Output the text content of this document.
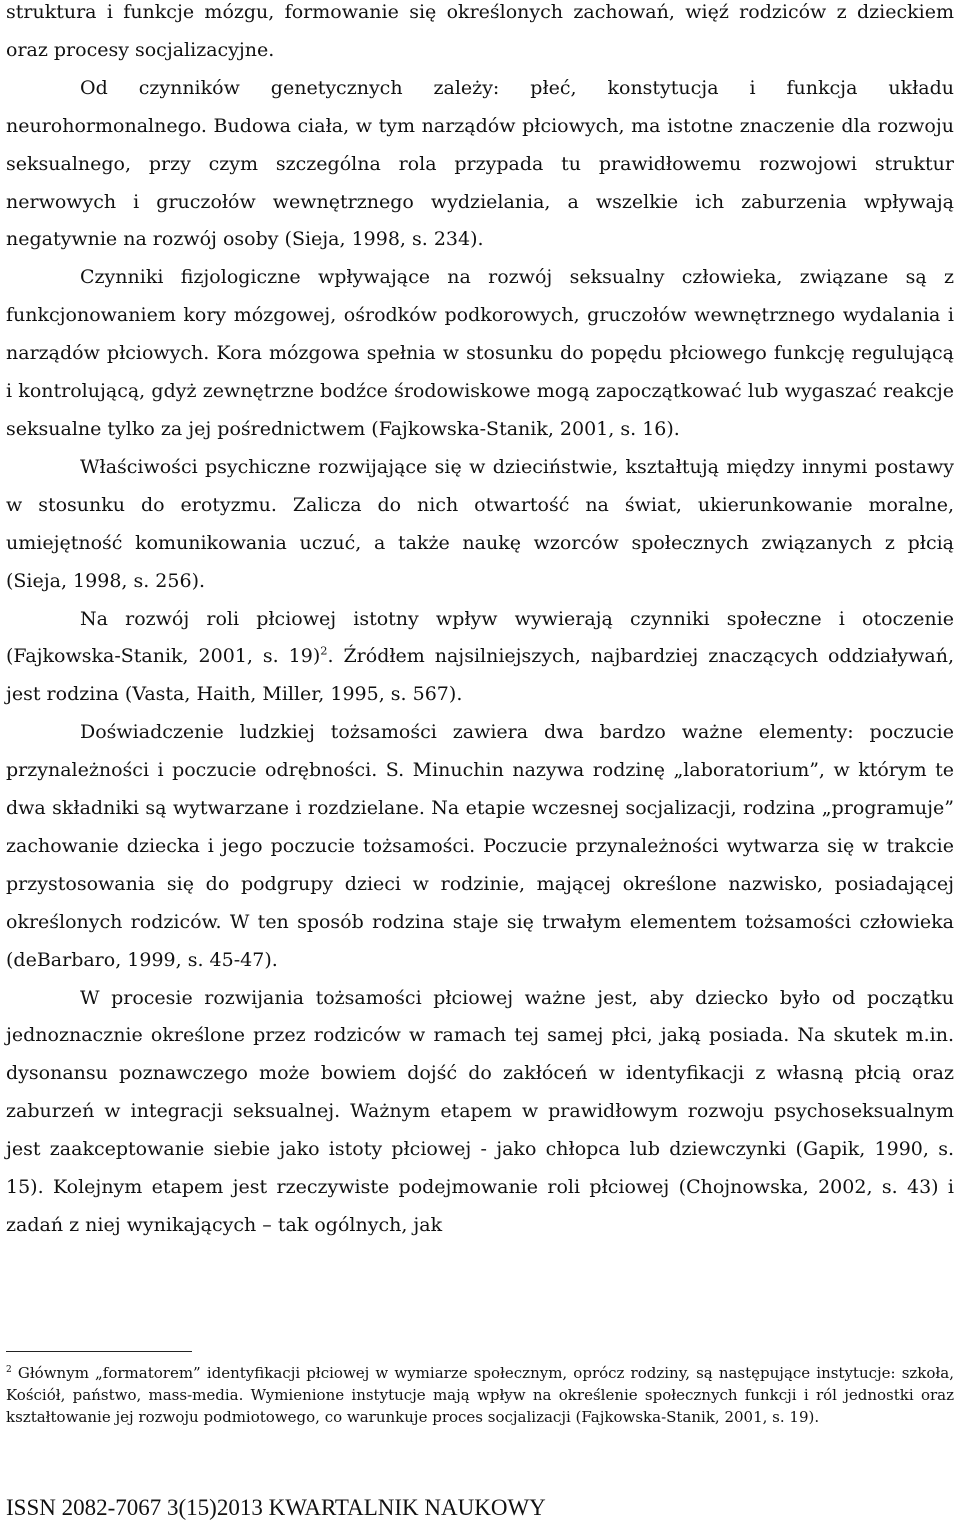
struktura i funkcje mózgu, formowanie się określonych zachowań, więź rodziców z dzieckiem oraz procesy socjalizacyjne.

Od czynników genetycznych zależy: płeć, konstytucja i funkcja układu neurohormonalnego. Budowa ciała, w tym narządów płciowych, ma istotne znaczenie dla rozwoju seksualnego, przy czym szczególna rola przypada tu prawidłowemu rozwojowi struktur nerwowych i gruczołów wewnętrznego wydzielania, a wszelkie ich zaburzenia wpływają negatywnie na rozwój osoby (Sieja, 1998, s. 234).

Czynniki fizjologiczne wpływające na rozwój seksualny człowieka, związane są z funkcjonowaniem kory mózgowej, ośrodków podkorowych, gruczołów wewnętrznego wydalania i narządów płciowych. Kora mózgowa spełnia w stosunku do popędu płciowego funkcję regulującą i kontrolującą, gdyż zewnętrzne bodźce środowiskowe mogą zapoczątkować lub wygaszać reakcje seksualne tylko za jej pośrednictwem (Fajkowska-Stanik, 2001, s. 16).

Właściwości psychiczne rozwijające się w dzieciństwie, kształtują między innymi postawy w stosunku do erotyzmu. Zalicza do nich otwartość na świat, ukierunkowanie moralne, umiejętność komunikowania uczuć, a także naukę wzorców społecznych związanych z płcią (Sieja, 1998, s. 256).

Na rozwój roli płciowej istotny wpływ wywierają czynniki społeczne i otoczenie (Fajkowska-Stanik, 2001, s. 19)$^2$. Źródłem najsilniejszych, najbardziej znaczących oddziaływań, jest rodzina (Vasta, Haith, Miller, 1995, s. 567).

Doświadczenie ludzkiej tożsamości zawiera dwa bardzo ważne elementy: poczucie przynależności i poczucie odrębności. S. Minuchin nazywa rodzinę „laboratorium”, w którym te dwa składniki są wytwarzane i rozdzielane. Na etapie wczesnej socjalizacji, rodzina „programuje” zachowanie dziecka i jego poczucie tożsamości. Poczucie przynależności wytwarza się w trakcie przystosowania się do podgrupy dzieci w rodzinie, mającej określone nazwisko, posiadającej określonych rodziców. W ten sposób rodzina staje się trwałym elementem tożsamości człowieka (deBarbaro, 1999, s. 45-47).

W procesie rozwijania tożsamości płciowej ważne jest, aby dziecko było od początku jednoznacznie określone przez rodziców w ramach tej samej płci, jaką posiada. Na skutek m.in. dysonansu poznawczego może bowiem dojść do zakłóceń w identyfikacji z własną płcią oraz zaburzeń w integracji seksualnej. Ważnym etapem w prawidłowym rozwoju psychoseksualnym jest zaakceptowanie siebie jako istoty płciowej - jako chłopca lub dziewczynki (Gapik, 1990, s. 15). Kolejnym etapem jest rzeczywiste podejmowanie roli płciowej (Chojnowska, 2002, s. 43) i zadań z niej wynikających – tak ogólnych, jak

$^2$ Głównym „formatorem” identyfikacji płciowej w wymiarze społecznym, oprócz rodziny, są następujące instytucje: szkoła, Kościół, państwo, mass-media. Wymienione instytucje mają wpływ na określenie społecznych funkcji i ról jednostki oraz kształtowanie jej rozwoju podmiotowego, co warunkuje proces socjalizacji (Fajkowska-Stanik, 2001, s. 19).

ISSN 2082-7067 3(15)2013 KWARTALNIK NAUKOWY
